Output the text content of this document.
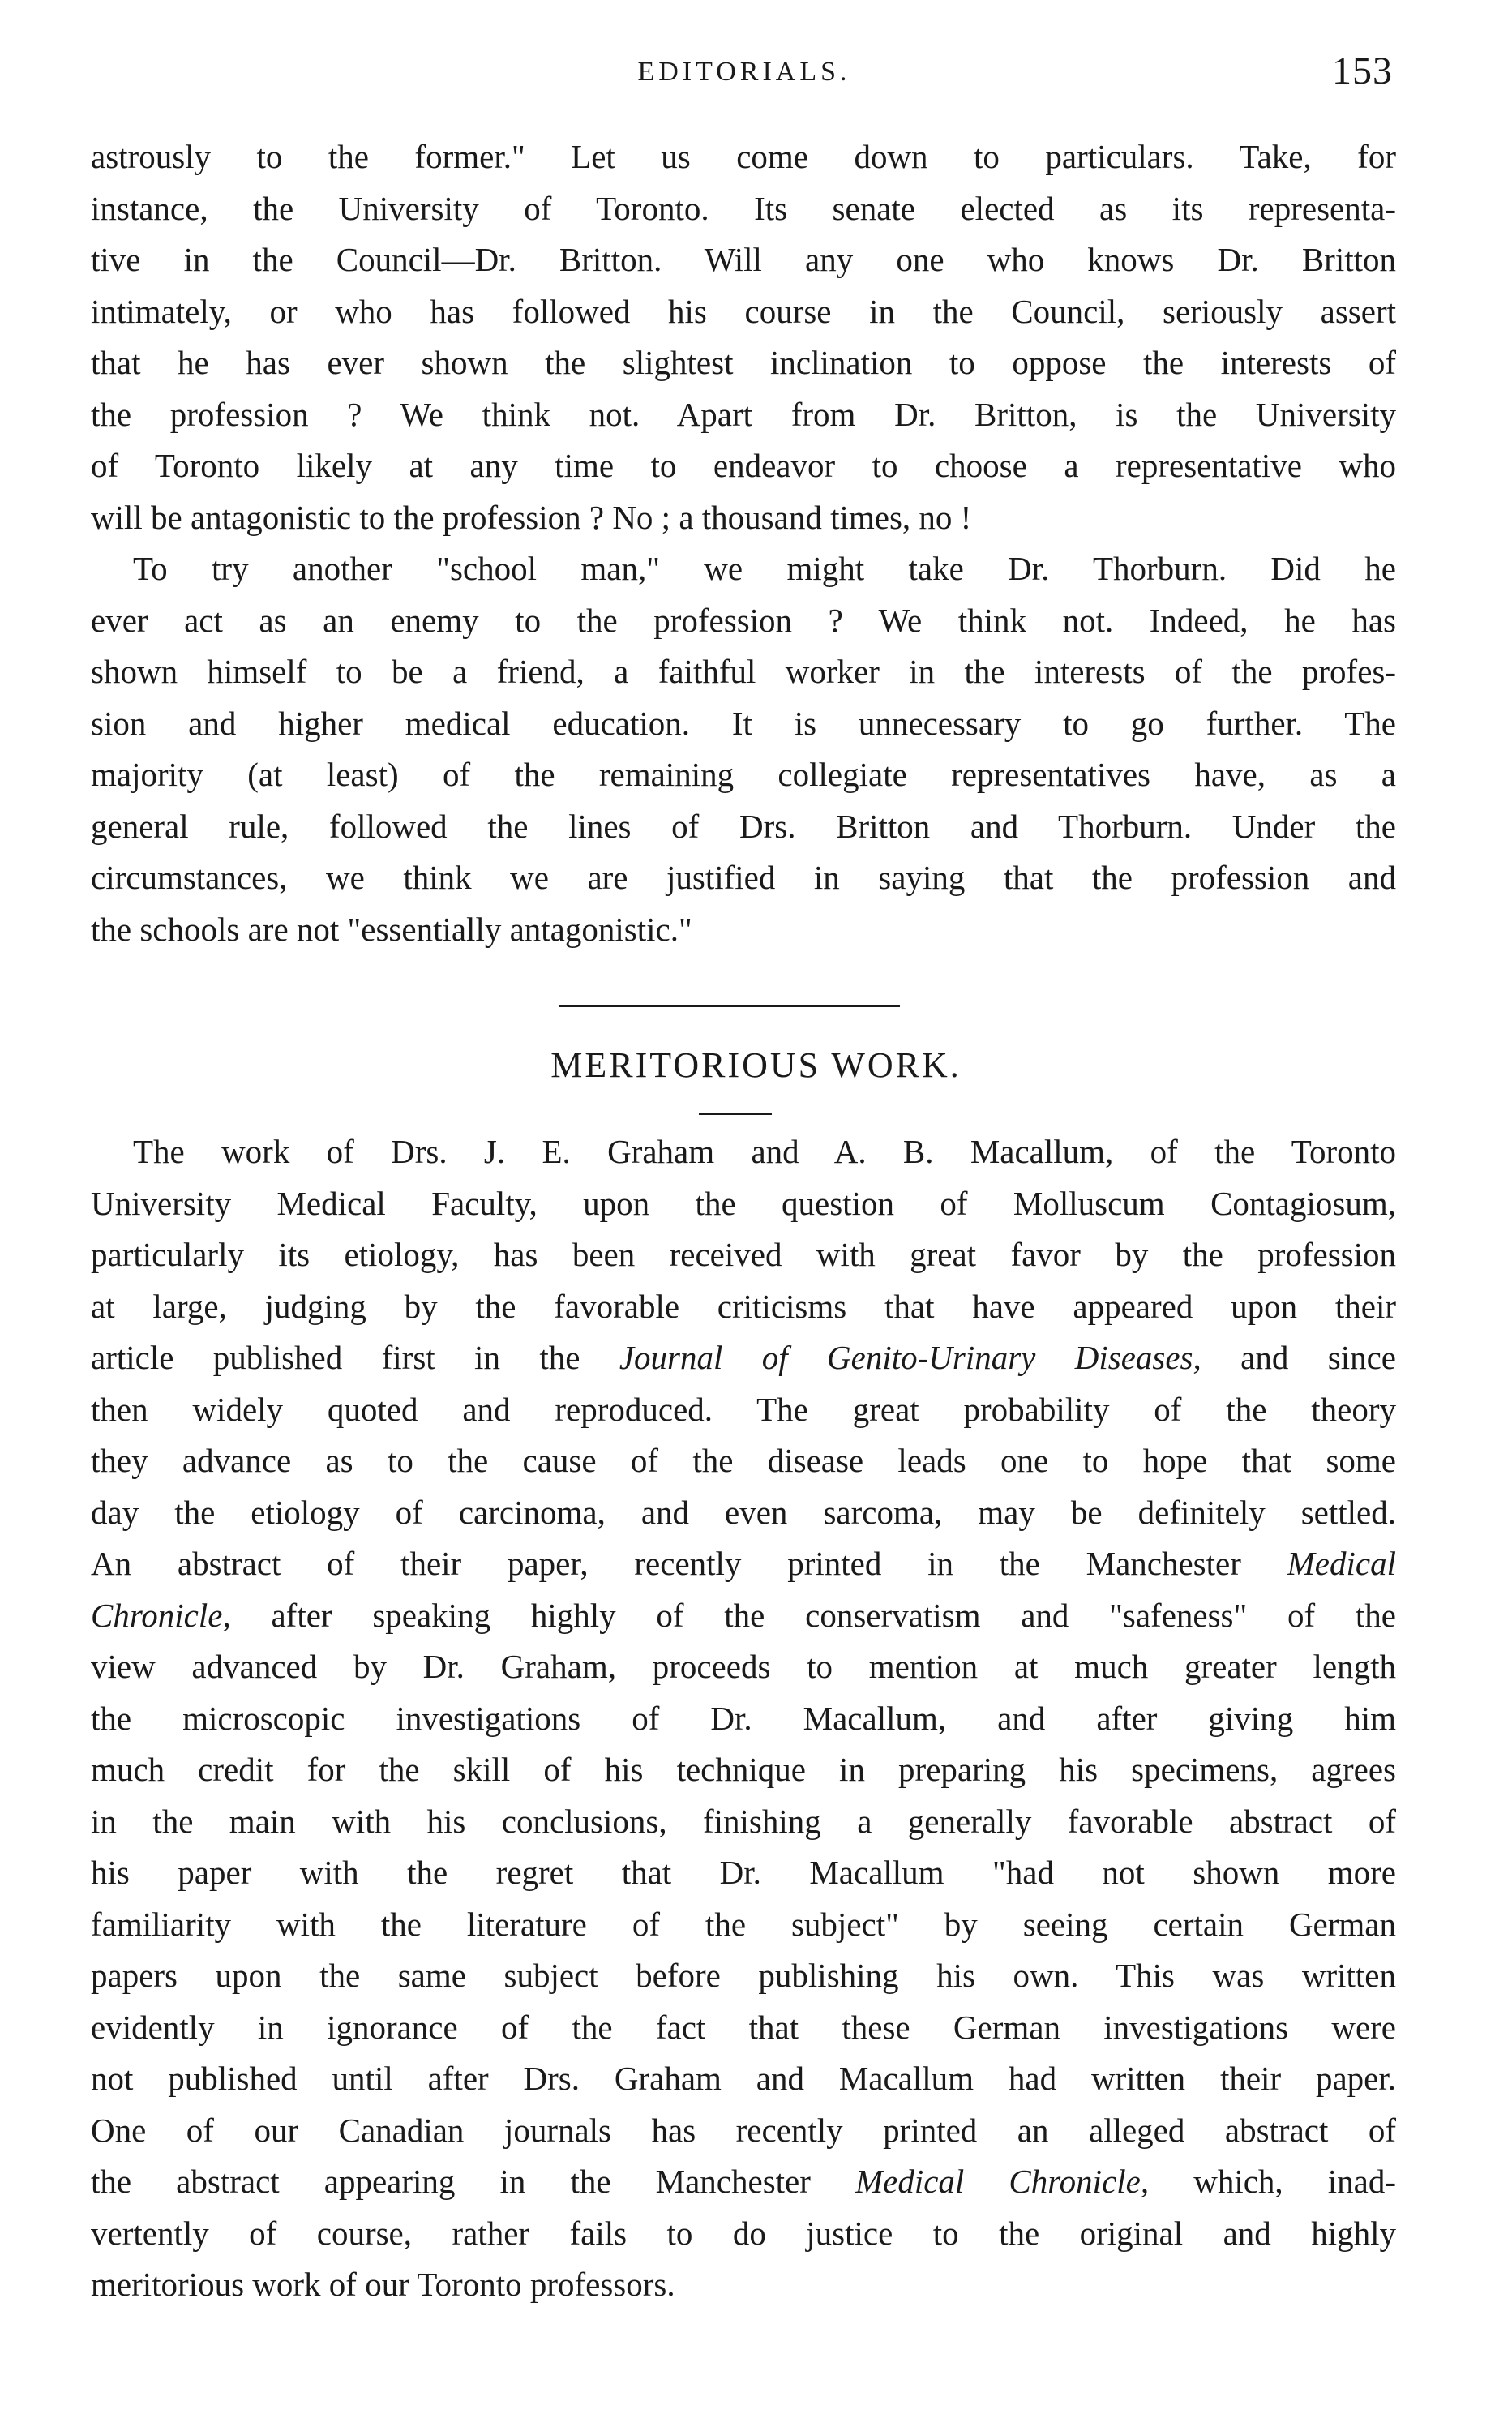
EDITORIALS.	153
astrously to the former." Let us come down to particulars. Take, for
instance, the University of Toronto. Its senate elected as its representa-
tive in the Council—Dr. Britton. Will any one who knows Dr. Britton
intimately, or who has followed his course in the Council, seriously assert
that he has ever shown the slightest inclination to oppose the interests of
the profession ? We think not. Apart from Dr. Britton, is the University
of Toronto likely at any time to endeavor to choose a representative who
will be antagonistic to the profession ? No ; a thousand times, no !
To try another "school man," we might take Dr. Thorburn. Did he
ever act as an enemy to the profession ? We think not. Indeed, he has
shown himself to be a friend, a faithful worker in the interests of the profes-
sion and higher medical education. It is unnecessary to go further. The
majority (at least) of the remaining collegiate representatives have, as a
general rule, followed the lines of Drs. Britton and Thorburn. Under the
circumstances, we think we are justified in saying that the profession and
the schools are not "essentially antagonistic."
MERITORIOUS WORK.
The work of Drs. J. E. Graham and A. B. Macallum, of the Toronto
University Medical Faculty, upon the question of Molluscum Contagiosum,
particularly its etiology, has been received with great favor by the profession
at large, judging by the favorable criticisms that have appeared upon their
article published first in the Journal of Genito-Urinary Diseases, and since
then widely quoted and reproduced. The great probability of the theory
they advance as to the cause of the disease leads one to hope that some
day the etiology of carcinoma, and even sarcoma, may be definitely settled.
An abstract of their paper, recently printed in the Manchester Medical
Chronicle, after speaking highly of the conservatism and "safeness" of the
view advanced by Dr. Graham, proceeds to mention at much greater length
the microscopic investigations of Dr. Macallum, and after giving him
much credit for the skill of his technique in preparing his specimens, agrees
in the main with his conclusions, finishing a generally favorable abstract of
his paper with the regret that Dr. Macallum "had not shown more
familiarity with the literature of the subject" by seeing certain German
papers upon the same subject before publishing his own. This was written
evidently in ignorance of the fact that these German investigations were
not published until after Drs. Graham and Macallum had written their paper.
One of our Canadian journals has recently printed an alleged abstract of
the abstract appearing in the Manchester Medical Chronicle, which, inad-
vertently of course, rather fails to do justice to the original and highly
meritorious work of our Toronto professors.
